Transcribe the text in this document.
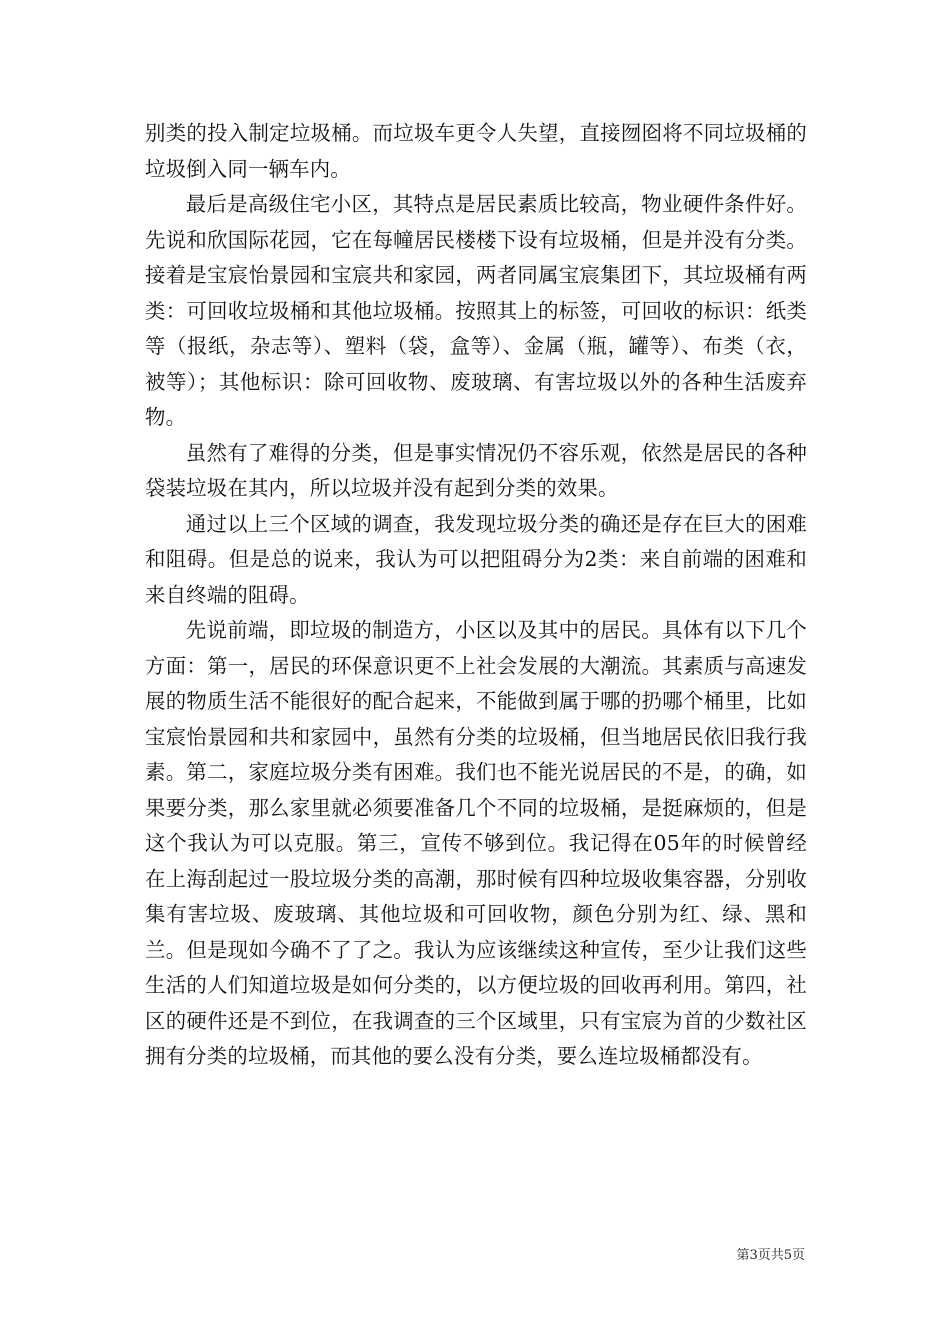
别类的投入制定垃圾桶。而垃圾车更令人失望，直接囫囵将不同垃圾桶的垃圾倒入同一辆车内。

最后是高级住宅小区，其特点是居民素质比较高，物业硬件条件好。先说和欣国际花园，它在每幢居民楼楼下设有垃圾桶，但是并没有分类。接着是宝宸怡景园和宝宸共和家园，两者同属宝宸集团下，其垃圾桶有两类：可回收垃圾桶和其他垃圾桶。按照其上的标签，可回收的标识：纸类等（报纸，杂志等）、塑料（袋，盒等）、金属（瓶，罐等）、布类（衣，被等）；其他标识：除可回收物、废玻璃、有害垃圾以外的各种生活废弃物。

虽然有了难得的分类，但是事实情况仍不容乐观，依然是居民的各种袋装垃圾在其内，所以垃圾并没有起到分类的效果。

通过以上三个区域的调查，我发现垃圾分类的确还是存在巨大的困难和阻碍。但是总的说来，我认为可以把阻碍分为2类：来自前端的困难和来自终端的阻碍。

先说前端，即垃圾的制造方，小区以及其中的居民。具体有以下几个方面：第一，居民的环保意识更不上社会发展的大潮流。其素质与高速发展的物质生活不能很好的配合起来，不能做到属于哪的扔哪个桶里，比如宝宸怡景园和共和家园中，虽然有分类的垃圾桶，但当地居民依旧我行我素。第二，家庭垃圾分类有困难。我们也不能光说居民的不是，的确，如果要分类，那么家里就必须要准备几个不同的垃圾桶，是挺麻烦的，但是这个我认为可以克服。第三，宣传不够到位。我记得在05年的时候曾经在上海刮起过一股垃圾分类的高潮，那时候有四种垃圾收集容器，分别收集有害垃圾、废玻璃、其他垃圾和可回收物，颜色分别为红、绿、黑和兰。但是现如今确不了了之。我认为应该继续这种宣传，至少让我们这些生活的人们知道垃圾是如何分类的，以方便垃圾的回收再利用。第四，社区的硬件还是不到位，在我调查的三个区域里，只有宝宸为首的少数社区拥有分类的垃圾桶，而其他的要么没有分类，要么连垃圾桶都没有。

第3页共5页
